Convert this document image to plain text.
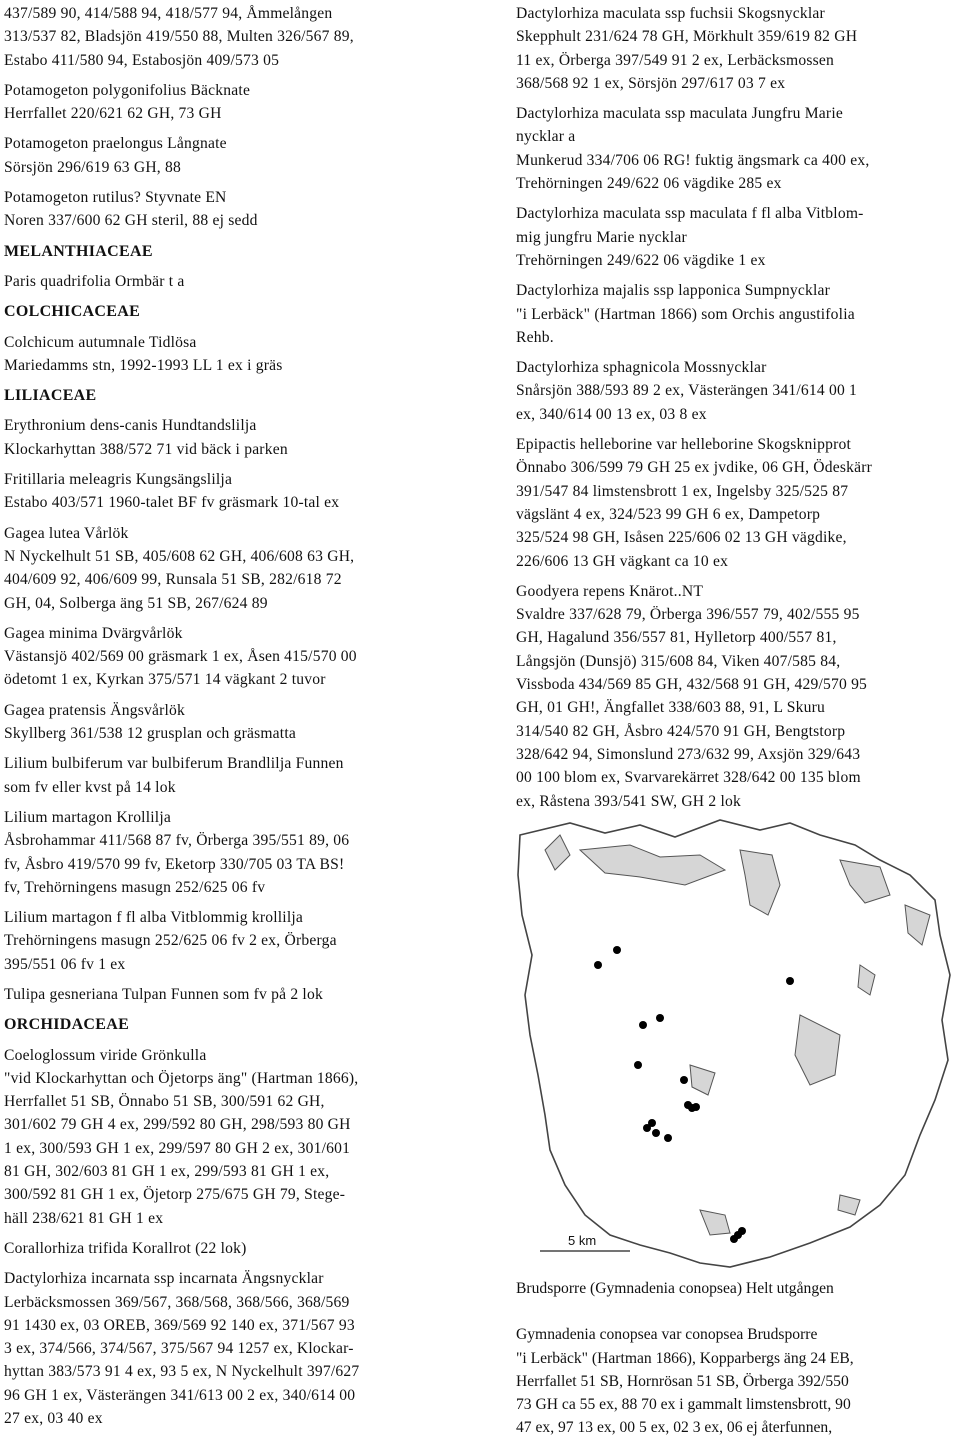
437/589 90, 414/588 94, 418/577 94, Åmmelången
313/537 82, Bladsjön 419/550 88, Multen 326/567 89,
Estabo 411/580 94, Estabosjön 409/573 05

Potamogeton polygonifolius Bäcknate
Herrfallet 220/621 62 GH, 73 GH

Potamogeton praelongus Långnate
Sörsjön 296/619 63 GH, 88

Potamogeton rutilus? Styvnate EN
Noren 337/600 62 GH steril, 88 ej sedd

MELANTHIACEAE

Paris quadrifolia Ormbär t a

COLCHICACEAE

Colchicum autumnale Tidlösa
Mariedamms stn, 1992-1993 LL 1 ex i gräs

LILIACEAE

Erythronium dens-canis Hundtandslilja
Klockarhyttan 388/572 71 vid bäck i parken

Fritillaria meleagris Kungsängslilja
Estabo 403/571 1960-talet BF fv gräsmark 10-tal ex

Gagea lutea Vårlök
N Nyckelhult 51 SB, 405/608 62 GH, 406/608 63 GH,
404/609 92, 406/609 99, Runsala 51 SB, 282/618 72
GH, 04, Solberga äng 51 SB, 267/624 89

Gagea minima Dvärgvårlök
Västansjö 402/569 00 gräsmark 1 ex, Åsen 415/570 00
ödetomt 1 ex, Kyrkan 375/571 14 vägkant 2 tuvor

Gagea pratensis Ängsvårlök
Skyllberg 361/538 12 grusplan och gräsmatta

Lilium bulbiferum var bulbiferum Brandlilja Funnen
som fv eller kvst på 14 lok

Lilium martagon Krollilja
Åsbrohammar 411/568 87 fv, Örberga 395/551 89, 06
fv, Åsbro 419/570 99 fv, Eketorp 330/705 03 TA BS!
fv, Trehörningens masugn 252/625 06 fv

Lilium martagon f fl alba Vitblommig krollilja
Trehörningens masugn 252/625 06 fv 2 ex, Örberga
395/551 06 fv 1 ex

Tulipa gesneriana Tulpan Funnen som fv på 2 lok

ORCHIDACEAE

Coeloglossum viride Grönkulla
"vid Klockarhyttan och Öjetorps äng" (Hartman 1866),
Herrfallet 51 SB, Önnabo 51 SB, 300/591 62 GH,
301/602 79 GH 4 ex, 299/592 80 GH, 298/593 80 GH
1 ex, 300/593 GH 1 ex, 299/597 80 GH 2 ex, 301/601
81 GH, 302/603 81 GH 1 ex, 299/593 81 GH 1 ex,
300/592 81 GH 1 ex, Öjetorp 275/675 GH 79, Stege-
häll 238/621 81 GH 1 ex

Corallorhiza trifida Korallrot (22 lok)

Dactylorhiza incarnata ssp incarnata Ängsnycklar
Lerbäcksmossen 369/567, 368/568, 368/566, 368/569
91 1430 ex, 03 OREB, 369/569 92 140 ex, 371/567 93
3 ex, 374/566, 374/567, 375/567 94 1257 ex, Klockar-
hyttan 383/573 91 4 ex, 93 5 ex, N Nyckelhult 397/627
96 GH 1 ex, Västerängen 341/613 00 2 ex, 340/614 00
27 ex, 03 40 ex

Dactylorhiza maculata ssp fuchsii Skogsnycklar
Skepphult 231/624 78 GH, Mörkhult 359/619 82 GH
11 ex, Örberga 397/549 91 2 ex, Lerbäcksmossen
368/568 92 1 ex, Sörsjön 297/617 03 7 ex

Dactylorhiza maculata ssp maculata Jungfru Marie
nycklar a
Munkerud 334/706 06 RG! fuktig ängsmark ca 400 ex,
Trehörningen 249/622 06 vägdike 285 ex

Dactylorhiza maculata ssp maculata f fl alba Vitblom-
mig jungfru Marie nycklar
Trehörningen 249/622 06 vägdike 1 ex

Dactylorhiza majalis ssp lapponica Sumpnycklar
"i Lerbäck" (Hartman 1866) som Orchis angustifolia
Rehb.

Dactylorhiza sphagnicola Mossnycklar
Snårsjön 388/593 89 2 ex, Västerängen 341/614 00 1
ex, 340/614 00 13 ex, 03 8 ex

Epipactis helleborine var helleborine Skogsknipprot
Önnabo 306/599 79 GH 25 ex jvdike, 06 GH, Ödeskärr
391/547 84 limstensbrott 1 ex, Ingelsby 325/525 87
vägslänt 4 ex, 324/523 99 GH 6 ex, Dampetorp
325/524 98 GH, Isåsen 225/606 02 13 GH vägdike,
226/606 13 GH vägkant ca 10 ex

Goodyera repens Knärot..NT
Svaldre 337/628 79, Örberga 396/557 79, 402/555 95
GH, Hagalund 356/557 81, Hylletorp 400/557 81,
Långsjön (Dunsjö) 315/608 84, Viken 407/585 84,
Vissboda 434/569 85 GH, 432/568 91 GH, 429/570 95
GH, 01 GH!, Ängfallet 338/603 88, 91, L Skuru
314/540 82 GH, Åsbro 424/570 91 GH, Bengtstorp
328/642 94, Simonslund 273/632 99, Axsjön 329/643
00 100 blom ex, Svarvarekärret 328/642 00 135 blom
ex, Råstena 393/541 SW, GH 2 lok

5 km

Brudsporre (Gymnadenia conopsea) Helt utgången

Gymnadenia conopsea var conopsea Brudsporre
"i Lerbäck" (Hartman 1866), Kopparbergs äng 24 EB,
Herrfallet 51 SB, Hornrösan 51 SB, Örberga 392/550
73 GH ca 55 ex, 88 70 ex i gammalt limstensbrott, 90
47 ex, 97 13 ex, 00 5 ex, 02 3 ex, 06 ej återfunnen,
